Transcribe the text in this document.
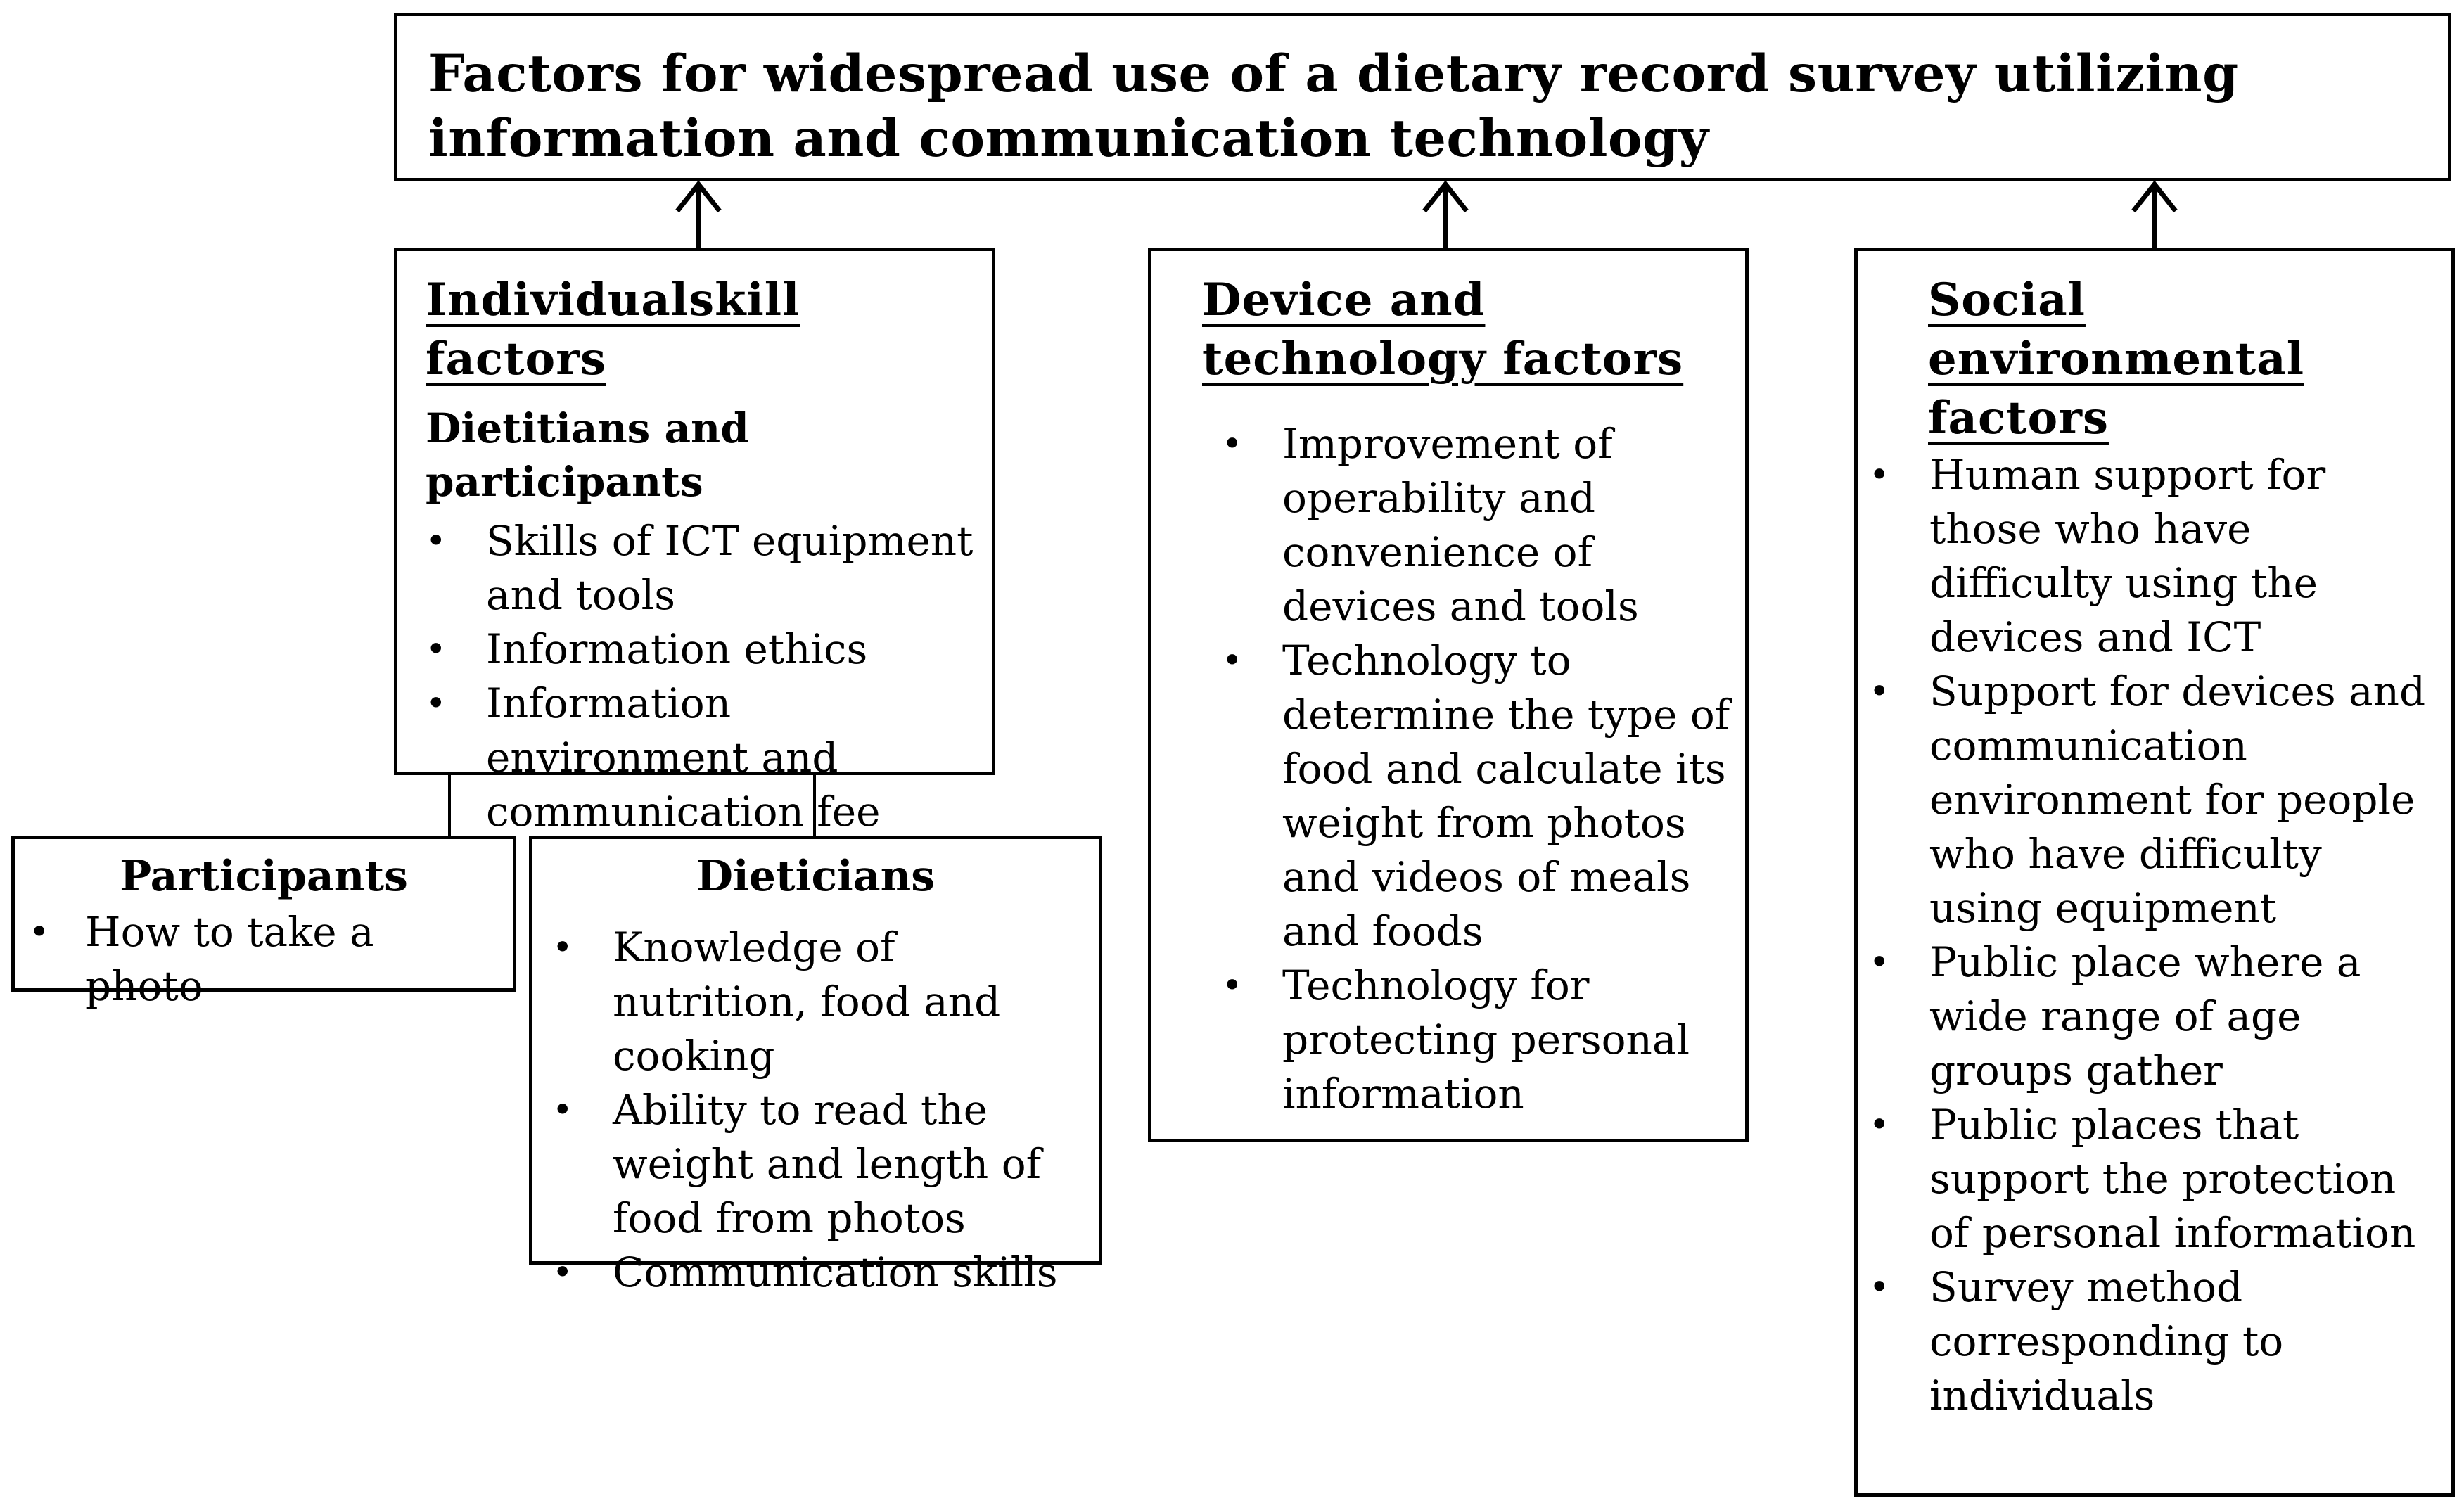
Factors for widespread use of a dietary record survey utilizing information and communication technology

Individualskill factors

Dietitians and participants

• Skills of ICT equipment and tools
• Information ethics
• Information environment and communication fee

Device and technology factors

• Improvement of operability and convenience of devices and tools
• Technology to determine the type of food and calculate its weight from photos and videos of meals and foods
• Technology for protecting personal information

Social environmental factors

• Human support for those who have difficulty using the devices and ICT
• Support for devices and communication environment for people who have difficulty using equipment
• Public place where a wide range of age groups gather
• Public places that support the protection of personal information
• Survey method corresponding to individuals

Participants

• How to take a photo

Dieticians

• Knowledge of nutrition, food and cooking
• Ability to read the weight and length of food from photos
• Communication skills
